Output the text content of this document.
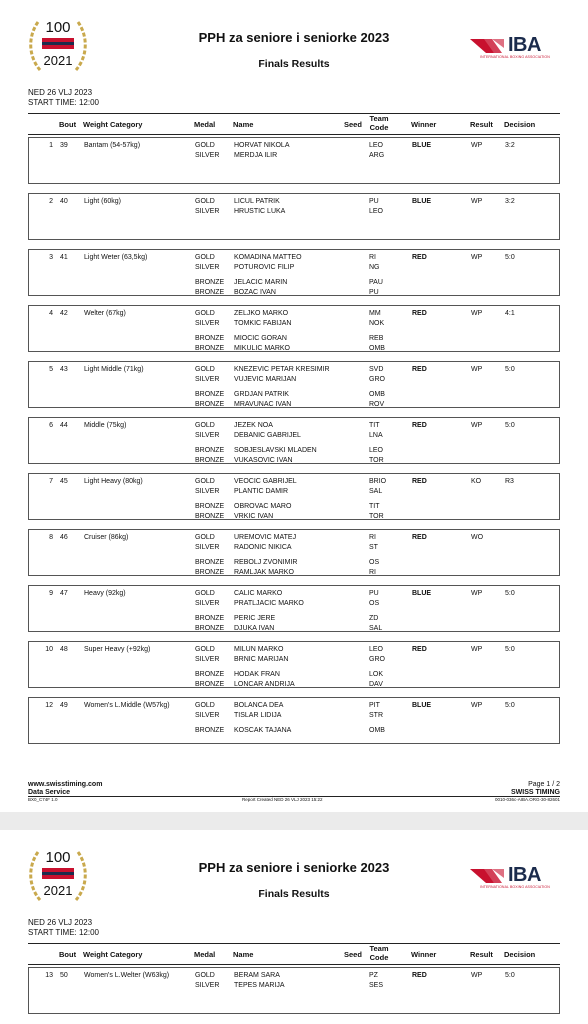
100
2021
PPH za seniore i seniorke 2023
Finals Results
IBA
INTERNATIONAL BOXING ASSOCIATION
NED 26 VLJ 2023
START TIME: 12:00
Bout Weight Category	Medal Name	Seed
Team
Code	Winner	Result Decision
1 39 Bantam (54-57kg)	GOLD	HORVAT NIKOLA	LEO	BLUE	WP	3:2
SILVER MERDJA ILIR	ARG
2 40 Light (60kg)	GOLD	LICUL PATRIK	PU	BLUE	WP	3:2
SILVER HRUSTIC LUKA	LEO
3 41 Light Weter (63,5kg)	GOLD	KOMADINA MATTEO	RI	RED	WP	5:0
SILVER POTUROVIC FILIP	NG
BRONZE JELACIC MARIN	PAU
BRONZE BOZAC IVAN	PU
4 42 Welter (67kg)	GOLD	ZELJKO MARKO	MM	RED	WP	4:1
SILVER TOMKIC FABIJAN	NOK
BRONZE MIOCIC GORAN	REB
BRONZE MIKULIC MARKO	OMB
5 43 Light Middle (71kg)	GOLD	KNEZEVIC PETAR KRESIMIR	SVD	RED	WP	5:0
SILVER VUJEVIC MARIJAN	GRO
BRONZE GRDJAN PATRIK	OMB
BRONZE MRAVUNAC IVAN	ROV
6 44 Middle (75kg)	GOLD	JEZEK NOA	TIT	RED	WP	5:0
SILVER DEBANIC GABRIJEL	LNA
BRONZE SOBJESLAVSKI MLADEN	LEO
BRONZE VUKASOVIC IVAN	TOR
7 45 Light Heavy (80kg)	GOLD	VEOCIC GABRIJEL	BRIO	RED	KO	R3
SILVER PLANTIC DAMIR	SAL
BRONZE OBROVAC MARO	TIT
BRONZE VRKIC IVAN	TOR
8 46 Cruiser (86kg)	GOLD	UREMOVIC MATEJ	RI	RED	WO
SILVER RADONIC NIKICA	ST
BRONZE REBOLJ ZVONIMIR	OS
BRONZE RAMLJAK MARKO	RI
9 47 Heavy (92kg)	GOLD	CALIC MARKO	PU	BLUE	WP	5:0
SILVER PRATLJACIC MARKO	OS
BRONZE PERIC JERE	ZD
BRONZE DJUKA IVAN	SAL
10 48 Super Heavy (+92kg)	GOLD	MILUN MARKO	LEO	RED	WP	5:0
SILVER BRNIC MARIJAN	GRO
BRONZE HODAK FRAN	LOK
BRONZE LONCAR ANDRIJA	DAV
12 49 Women's L.Middle (W57kg)	GOLD	BOLANCA DEA	PIT	BLUE	WP	5:0
SILVER TISLAR LIDIJA	STR
BRONZE KOSCAK TAJANA	OMB
www.swisstiming.com
Data Service
BX0_C74F 1.0	Report Created NED 26 VLJ 2023 15:22
Page 1 / 2
SWISS TIMING
0010-036c-AIBA.ORG-30-82601
100
2021
PPH za seniore i seniorke 2023
Finals Results
IBA
INTERNATIONAL BOXING ASSOCIATION
NED 26 VLJ 2023
START TIME: 12:00
Bout Weight Category	Medal Name	Seed
Team
Code	Winner	Result Decision
13 50 Women's L.Welter (W63kg)	GOLD	BERAM SARA	PZ	RED	WP	5:0
SILVER TEPES MARIJA	SES
